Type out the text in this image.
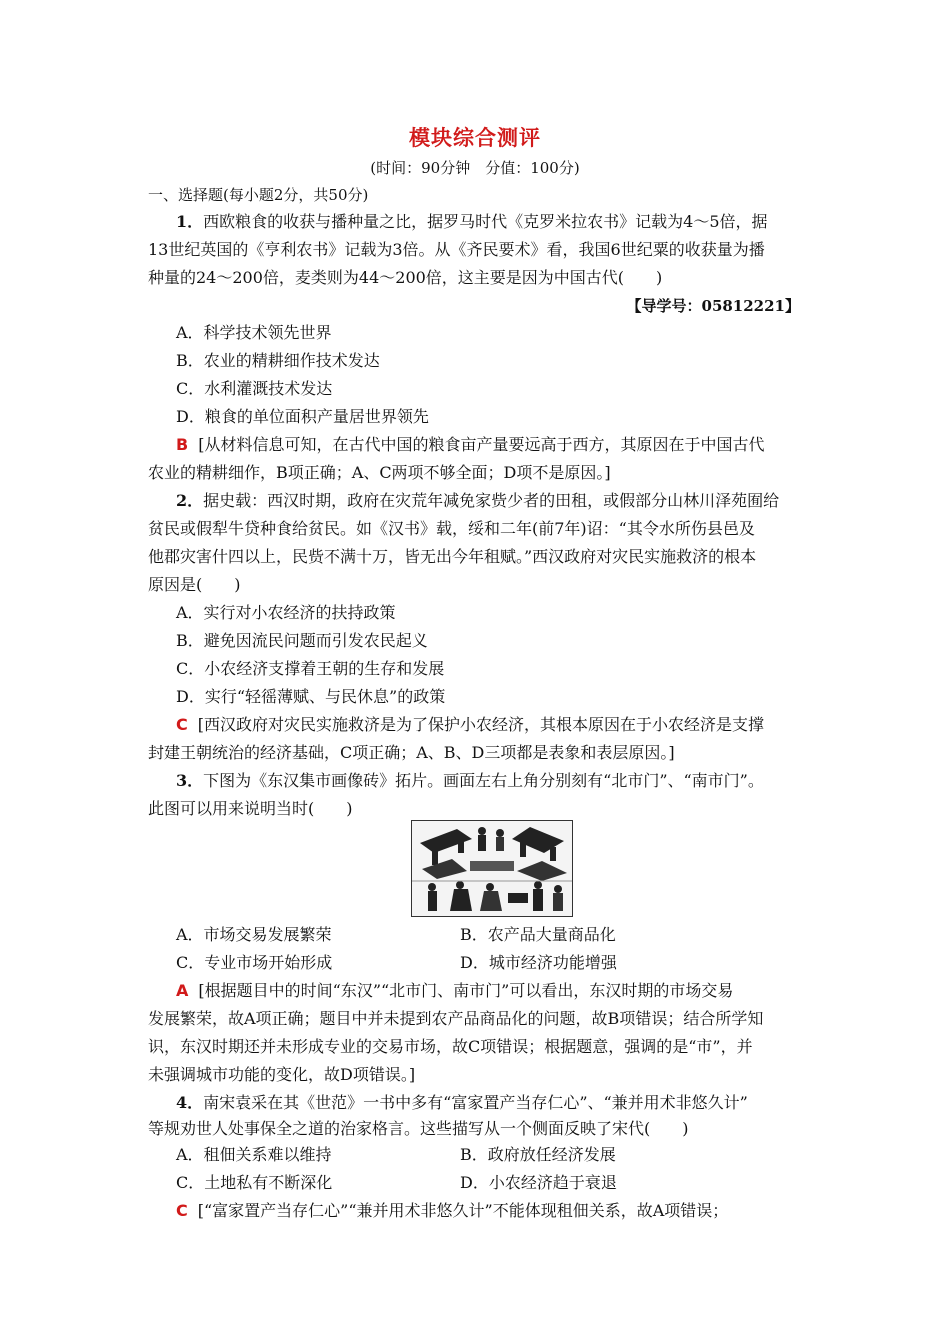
模块综合测评
(时间：90分钟　分值：100分)
一、选择题(每小题2分，共50分)
1．西欧粮食的收获与播种量之比，据罗马时代《克罗米拉农书》记载为4～5倍，据
13世纪英国的《亨利农书》记载为3倍。从《齐民要术》看，我国6世纪粟的收获量为播
种量的24～200倍，麦类则为44～200倍，这主要是因为中国古代(　　)
【导学号：05812221】
A．科学技术领先世界
B．农业的精耕细作技术发达
C．水利灌溉技术发达
D．粮食的单位面积产量居世界领先
B [从材料信息可知，在古代中国的粮食亩产量要远高于西方，其原因在于中国古代
农业的精耕细作，B项正确；A、C两项不够全面；D项不是原因。]
2．据史载：西汉时期，政府在灾荒年减免家赀少者的田租，或假部分山林川泽苑囿给
贫民或假犁牛贷种食给贫民。如《汉书》载，绥和二年(前7年)诏：“其令水所伤县邑及
他郡灾害什四以上，民赀不满十万，皆无出今年租赋。”西汉政府对灾民实施救济的根本
原因是(　　)
A．实行对小农经济的扶持政策
B．避免因流民问题而引发农民起义
C．小农经济支撑着王朝的生存和发展
D．实行“轻徭薄赋、与民休息”的政策
C [西汉政府对灾民实施救济是为了保护小农经济，其根本原因在于小农经济是支撑
封建王朝统治的经济基础，C项正确；A、B、D三项都是表象和表层原因。]
3．下图为《东汉集市画像砖》拓片。画面左右上角分别刻有“北市门”、“南市门”。
此图可以用来说明当时(　　)
A．市场交易发展繁荣	B．农产品大量商品化
C．专业市场开始形成	D．城市经济功能增强
A [根据题目中的时间“东汉”“北市门、南市门”可以看出，东汉时期的市场交易
发展繁荣，故A项正确；题目中并未提到农产品商品化的问题，故B项错误；结合所学知
识，东汉时期还并未形成专业的交易市场，故C项错误；根据题意，强调的是“市”，并
未强调城市功能的变化，故D项错误。]
4．南宋袁采在其《世范》一书中多有“富家置产当存仁心”、“兼并用术非悠久计”
等规劝世人处事保全之道的治家格言。这些描写从一个侧面反映了宋代(　　)
A．租佃关系难以维持	B．政府放任经济发展
C．土地私有不断深化	D．小农经济趋于衰退
C [“富家置产当存仁心”“兼并用术非悠久计”不能体现租佃关系，故A项错误；
